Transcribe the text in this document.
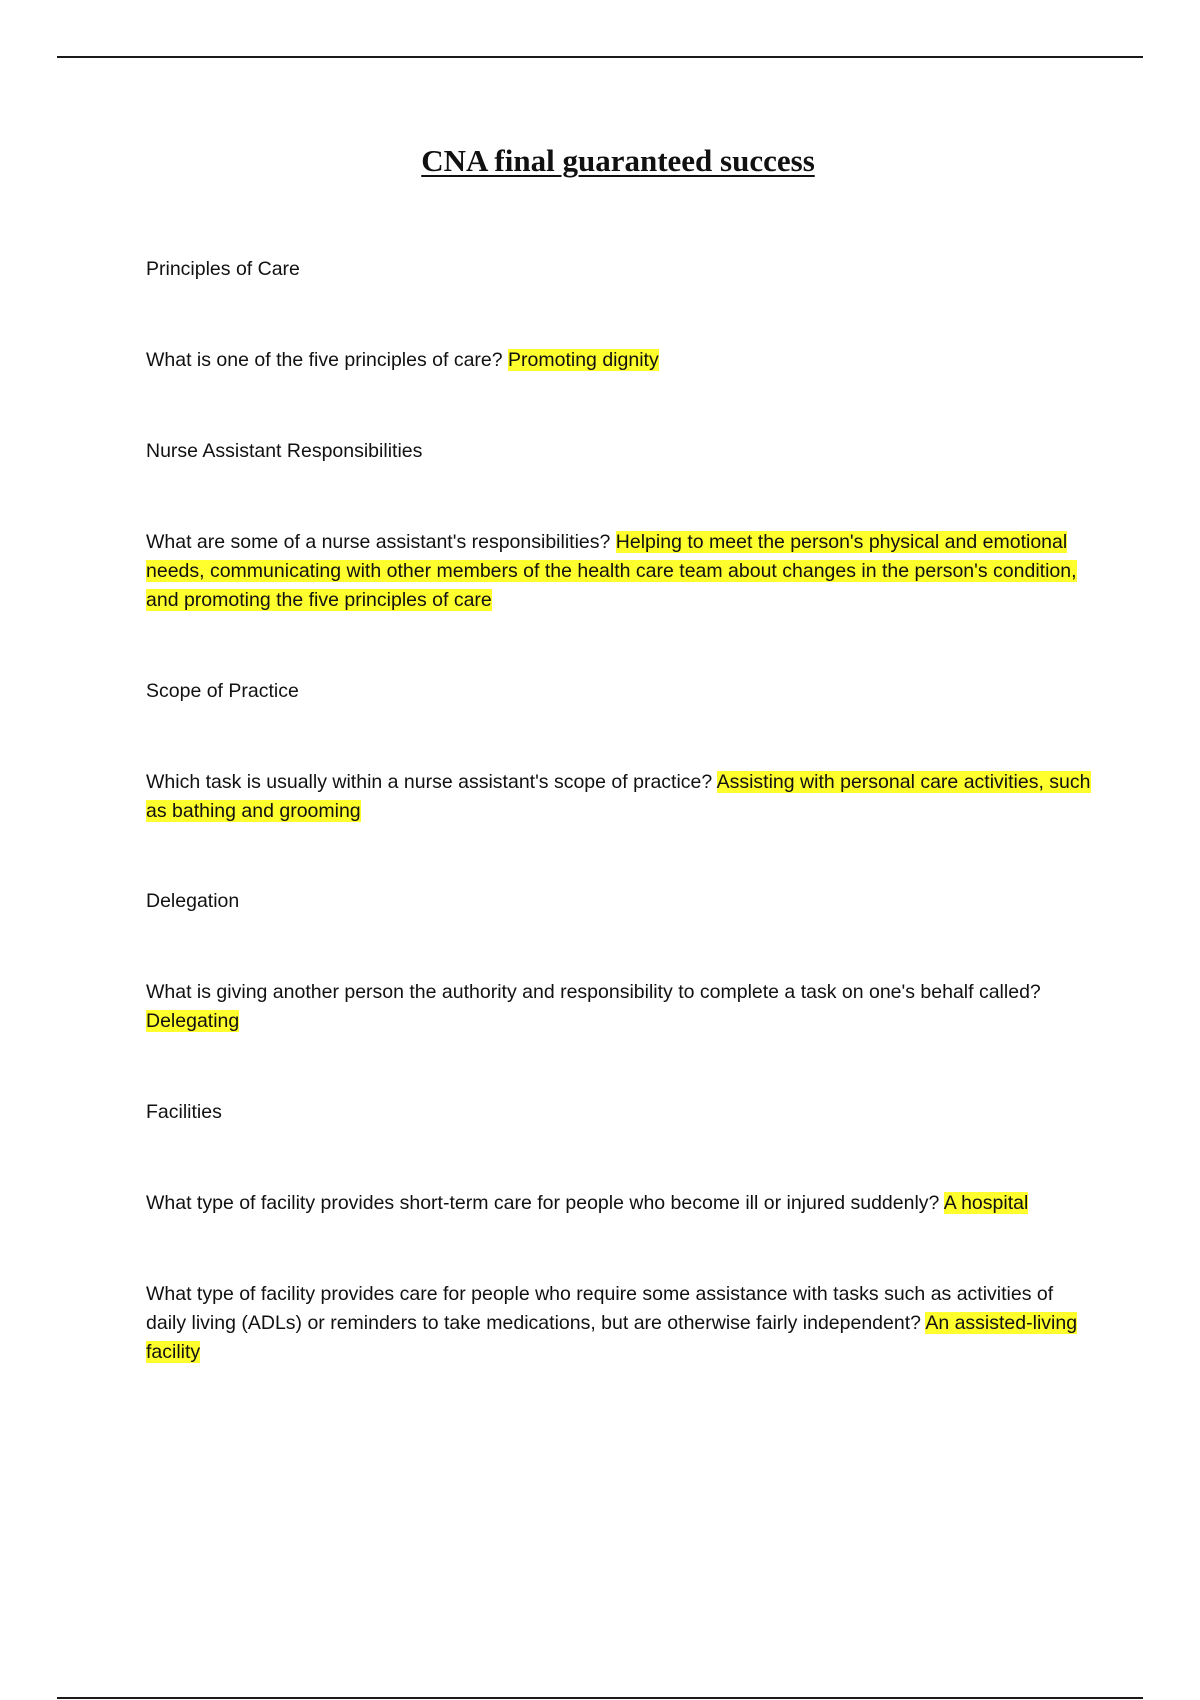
CNA final guaranteed success

Principles of Care

What is one of the five principles of care? Promoting dignity

Nurse Assistant Responsibilities

What are some of a nurse assistant's responsibilities? Helping to meet the person's physical and emotional needs, communicating with other members of the health care team about changes in the person's condition, and promoting the five principles of care

Scope of Practice

Which task is usually within a nurse assistant's scope of practice? Assisting with personal care activities, such as bathing and grooming

Delegation

What is giving another person the authority and responsibility to complete a task on one's behalf called? Delegating

Facilities

What type of facility provides short-term care for people who become ill or injured suddenly? A hospital

What type of facility provides care for people who require some assistance with tasks such as activities of daily living (ADLs) or reminders to take medications, but are otherwise fairly independent? An assisted-living facility
